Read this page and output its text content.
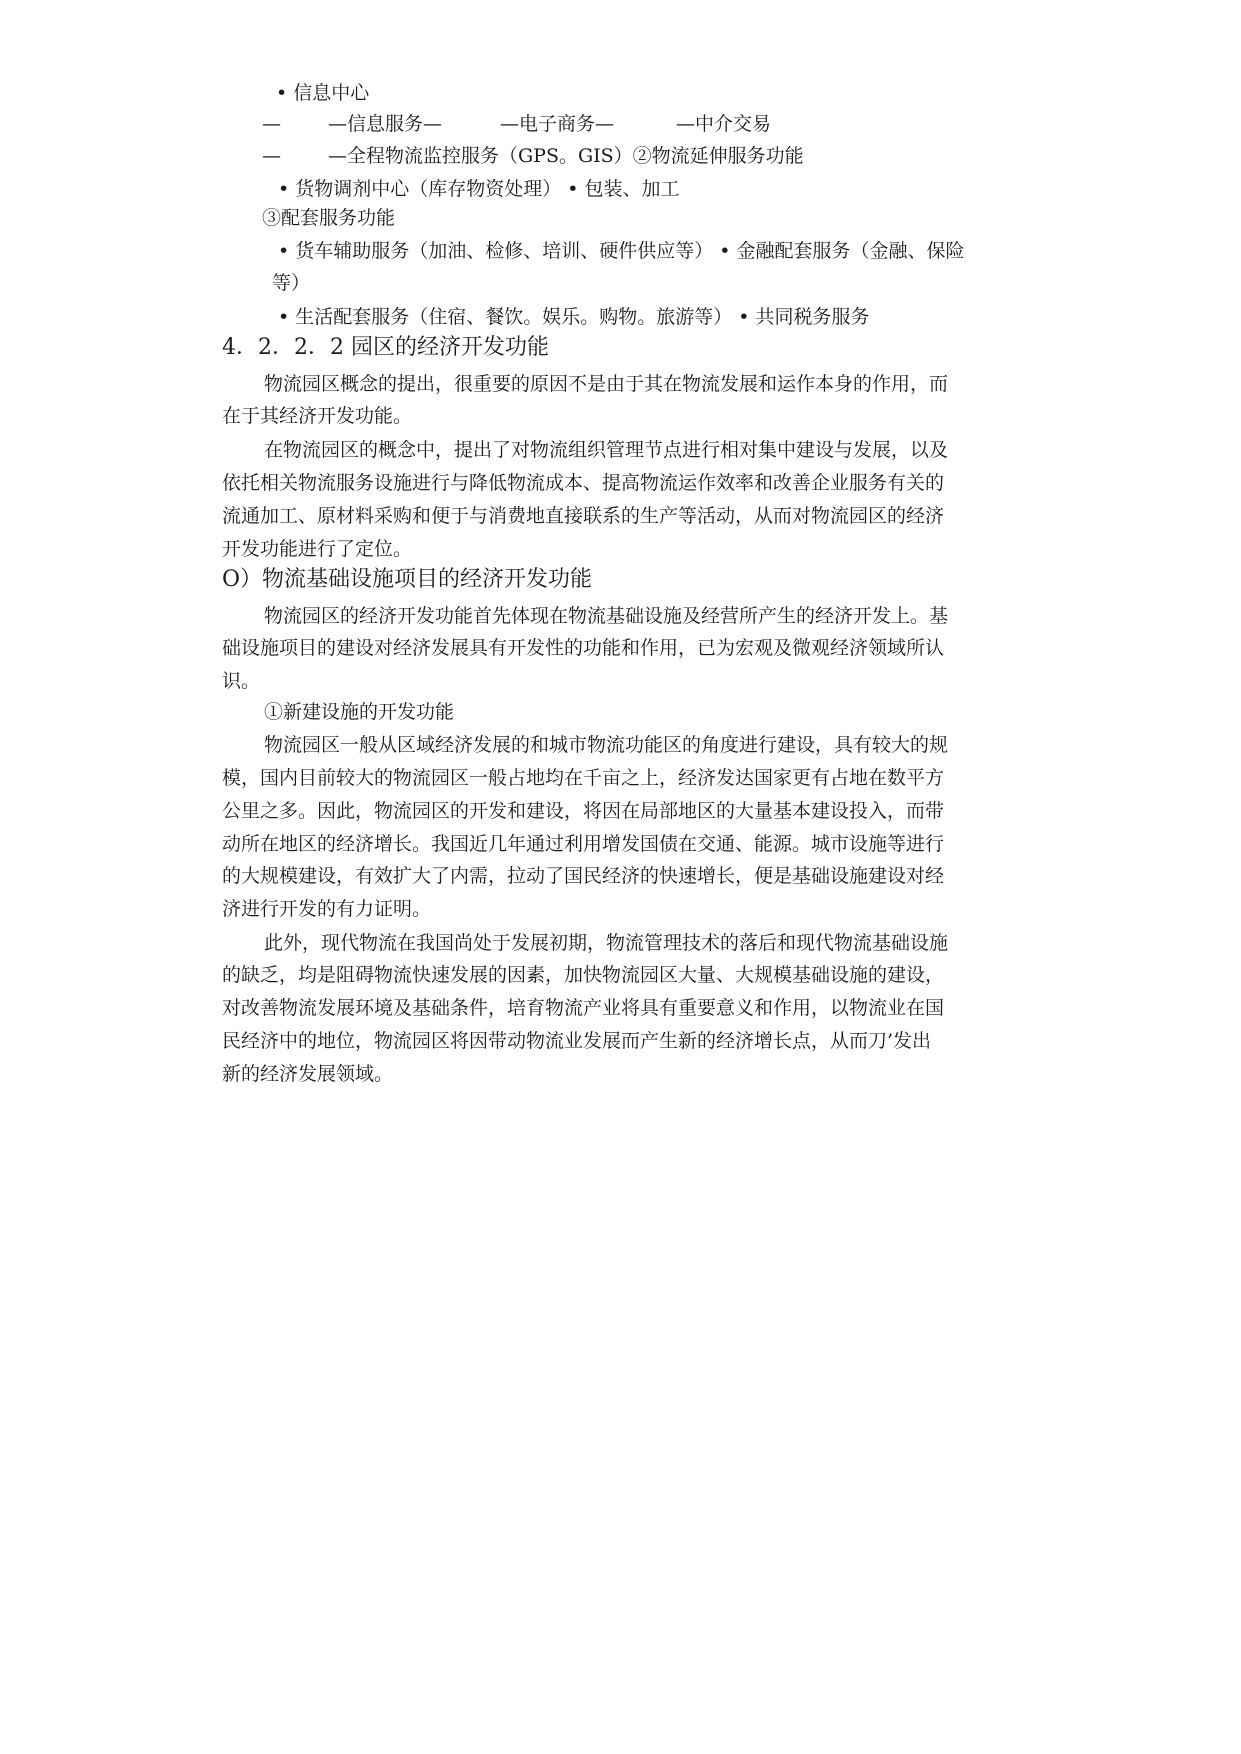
• 信息中心
— —信息服务—	—电子商务—	—中介交易
— —全程物流监控服务（GPS。GIS）②物流延伸服务功能
• 货物调剂中心（库存物资处理） • 包装、加工
③配套服务功能
• 货车辅助服务（加油、检修、培训、硬件供应等） • 金融配套服务（金融、保险
等）
• 生活配套服务（住宿、餐饮。娱乐。购物。旅游等） • 共同税务服务
4．2．2．2 园区的经济开发功能
物流园区概念的提出，很重要的原因不是由于其在物流发展和运作本身的作用，而
在于其经济开发功能。
在物流园区的概念中，提出了对物流组织管理节点进行相对集中建设与发展，以及
依托相关物流服务设施进行与降低物流成本、提高物流运作效率和改善企业服务有关的
流通加工、原材料采购和便于与消费地直接联系的生产等活动，从而对物流园区的经济
开发功能进行了定位。
O）物流基础设施项目的经济开发功能
物流园区的经济开发功能首先体现在物流基础设施及经营所产生的经济开发上。基
础设施项目的建设对经济发展具有开发性的功能和作用，已为宏观及微观经济领域所认
识。
①新建设施的开发功能
物流园区一般从区域经济发展的和城市物流功能区的角度进行建设，具有较大的规
模，国内目前较大的物流园区一般占地均在千亩之上，经济发达国家更有占地在数平方
公里之多。因此，物流园区的开发和建设，将因在局部地区的大量基本建设投入，而带
动所在地区的经济增长。我国近几年通过利用增发国债在交通、能源。城市设施等进行
的大规模建设，有效扩大了内需，拉动了国民经济的快速增长，便是基础设施建设对经
济进行开发的有力证明。
此外，现代物流在我国尚处于发展初期，物流管理技术的落后和现代物流基础设施
的缺乏，均是阻碍物流快速发展的因素，加快物流园区大量、大规模基础设施的建设，
对改善物流发展环境及基础条件，培育物流产业将具有重要意义和作用，以物流业在国
民经济中的地位，物流园区将因带动物流业发展而产生新的经济增长点，从而刀’发出
新的经济发展领域。
